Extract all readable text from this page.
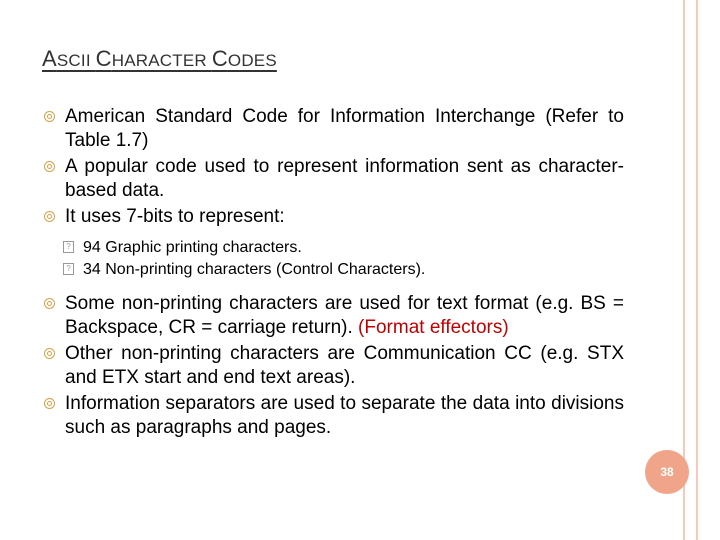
ASCII CHARACTER CODES
American Standard Code for Information Interchange (Refer to Table 1.7)
A popular code used to represent information sent as character-based data.
It uses 7-bits to represent:
? 94 Graphic printing characters.
? 34 Non-printing characters (Control Characters).
Some non-printing characters are used for text format (e.g. BS = Backspace, CR = carriage return). (Format effectors)
Other non-printing characters are Communication CC (e.g. STX and ETX start and end text areas).
Information separators are used to separate the data into divisions such as paragraphs and pages.
38
